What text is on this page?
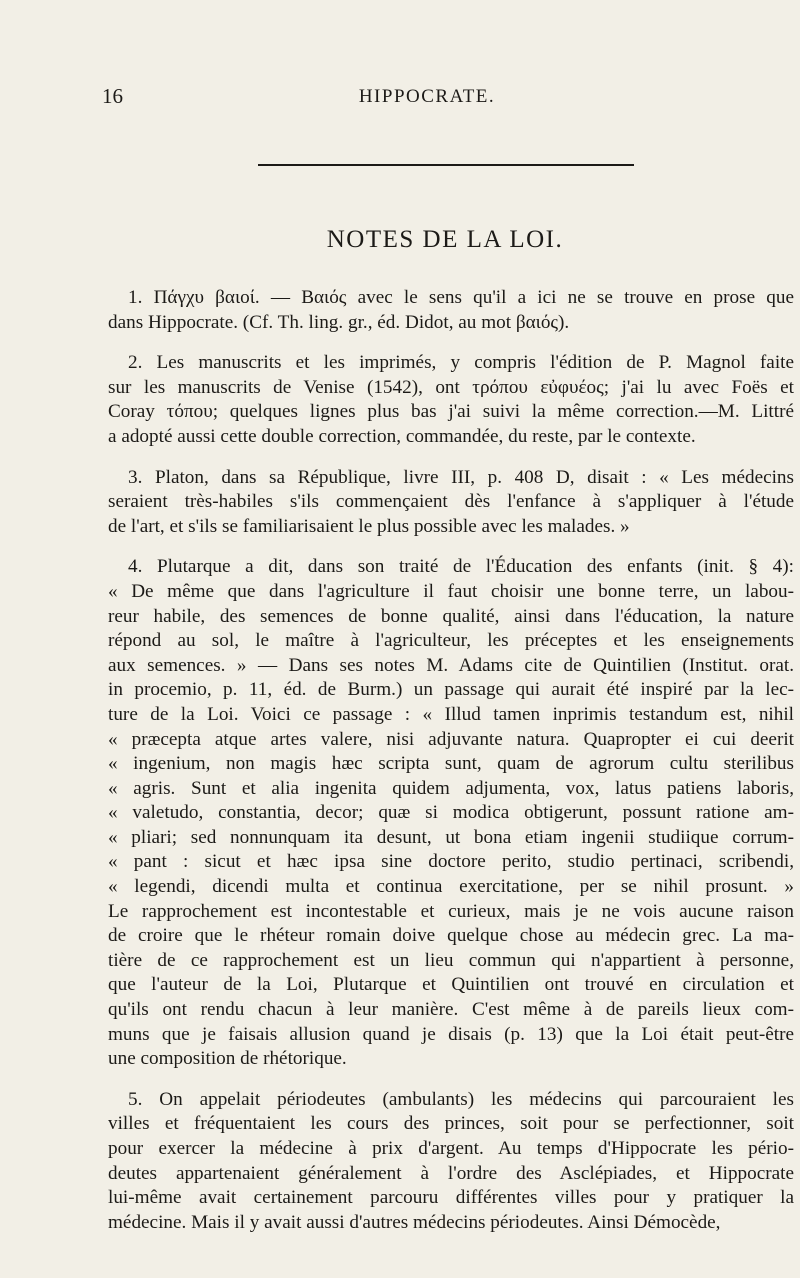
16	HIPPOCRATE.
NOTES DE LA LOI.
1. Πάγχυ βαιοί. — Βαιός avec le sens qu'il a ici ne se trouve en prose que
dans Hippocrate. (Cf. Th. ling. gr., éd. Didot, au mot βαιός).
2. Les manuscrits et les imprimés, y compris l'édition de P. Magnol faite
sur les manuscrits de Venise (1542), ont τρόπου εὐφυέος; j'ai lu avec Foës et
Coray τόπου; quelques lignes plus bas j'ai suivi la même correction.—M. Littré
a adopté aussi cette double correction, commandée, du reste, par le contexte.
3. Platon, dans sa République, livre III, p. 408 D, disait : « Les médecins
seraient très-habiles s'ils commençaient dès l'enfance à s'appliquer à l'étude
de l'art, et s'ils se familiarisaient le plus possible avec les malades. »
4. Plutarque a dit, dans son traité de l'Éducation des enfants (init. § 4):
« De même que dans l'agriculture il faut choisir une bonne terre, un labou-
reur habile, des semences de bonne qualité, ainsi dans l'éducation, la nature
répond au sol, le maître à l'agriculteur, les préceptes et les enseignements
aux semences. » — Dans ses notes M. Adams cite de Quintilien (Institut. orat.
in procemio, p. 11, éd. de Burm.) un passage qui aurait été inspiré par la lec-
ture de la Loi. Voici ce passage : « Illud tamen inprimis testandum est, nihil
« præcepta atque artes valere, nisi adjuvante natura. Quapropter ei cui deerit
« ingenium, non magis hæc scripta sunt, quam de agrorum cultu sterilibus
« agris. Sunt et alia ingenita quidem adjumenta, vox, latus patiens laboris,
« valetudo, constantia, decor; quæ si modica obtigerunt, possunt ratione am-
« pliari; sed nonnunquam ita desunt, ut bona etiam ingenii studiique corrum-
« pant : sicut et hæc ipsa sine doctore perito, studio pertinaci, scribendi,
« legendi, dicendi multa et continua exercitatione, per se nihil prosunt. »
Le rapprochement est incontestable et curieux, mais je ne vois aucune raison
de croire que le rhéteur romain doive quelque chose au médecin grec. La ma-
tière de ce rapprochement est un lieu commun qui n'appartient à personne,
que l'auteur de la Loi, Plutarque et Quintilien ont trouvé en circulation et
qu'ils ont rendu chacun à leur manière. C'est même à de pareils lieux com-
muns que je faisais allusion quand je disais (p. 13) que la Loi était peut-être
une composition de rhétorique.
5. On appelait périodeutes (ambulants) les médecins qui parcouraient les
villes et fréquentaient les cours des princes, soit pour se perfectionner, soit
pour exercer la médecine à prix d'argent. Au temps d'Hippocrate les pério-
deutes appartenaient généralement à l'ordre des Asclépiades, et Hippocrate
lui-même avait certainement parcouru différentes villes pour y pratiquer la
médecine. Mais il y avait aussi d'autres médecins périodeutes. Ainsi Démocède,
